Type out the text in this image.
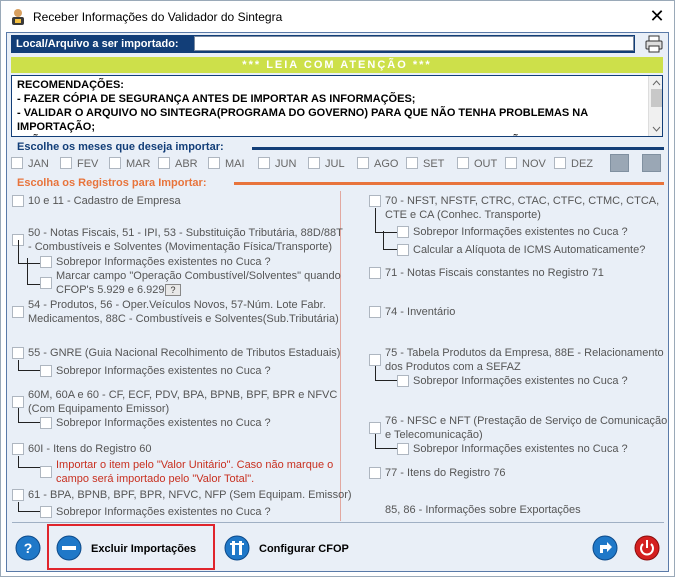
Receber Informações do Validador do Sintegra	✕
Local/Arquivo a ser importado:
*** LEIA COM ATENÇÃO ***
RECOMENDAÇÕES:
- FAZER CÓPIA DE SEGURANÇA ANTES DE IMPORTAR AS INFORMAÇÕES;
- VALIDAR O ARQUIVO NO SINTEGRA(PROGRAMA DO GOVERNO) PARA QUE NÃO TENHA PROBLEMAS NA IMPORTAÇÃO;
Escolhe os meses que deseja importar:
JAN	FEV	MAR ABR MAI	JUN	JUL	AGO SET	OUT NOV DEZ
Escolha os Registros para Importar:
10 e 11 - Cadastro de Empresa
50 - Notas Fiscais, 51 - IPI, 53 - Substituição Tributária, 88D/88T
- Combustíveis e Solventes (Movimentação Física/Transporte)
Sobrepor Informações existentes no Cuca ?
Marcar campo "Operação Combustível/Solventes" quando
CFOP's 5.929 e 6.929 ?
54 - Produtos, 56 - Oper.Veículos Novos, 57-Núm. Lote Fabr.
Medicamentos, 88C - Combustíveis e Solventes(Sub.Tributária)
55 - GNRE (Guia Nacional Recolhimento de Tributos Estaduais)
Sobrepor Informações existentes no Cuca ?
60M, 60A e 60 - CF, ECF, PDV, BPA, BPNB, BPF, BPR e NFVC
(Com Equipamento Emissor)
Sobrepor Informações existentes no Cuca ?
60I - Itens do Registro 60
Importar o item pelo "Valor Unitário". Caso não marque o
campo será importado pelo "Valor Total".
61 - BPA, BPNB, BPF, BPR, NFVC, NFP (Sem Equipam. Emissor)
Sobrepor Informações existentes no Cuca ?
70 - NFST, NFSTF, CTRC, CTAC, CTFC, CTMC, CTCA,
CTE e CA (Conhec. Transporte)
Sobrepor Informações existentes no Cuca ?
Calcular a Alíquota de ICMS Automaticamente?
71 - Notas Fiscais constantes no Registro 71
74 - Inventário
75 - Tabela Produtos da Empresa, 88E - Relacionamento
dos Produtos com a SEFAZ
Sobrepor Informações existentes no Cuca ?
76 - NFSC e NFT (Prestação de Serviço de Comunicação
e Telecomunicação)
Sobrepor Informações existentes no Cuca ?
77 - Itens do Registro 76
85, 86 - Informações sobre Exportações
?	Excluir Importações	Configurar CFOP
